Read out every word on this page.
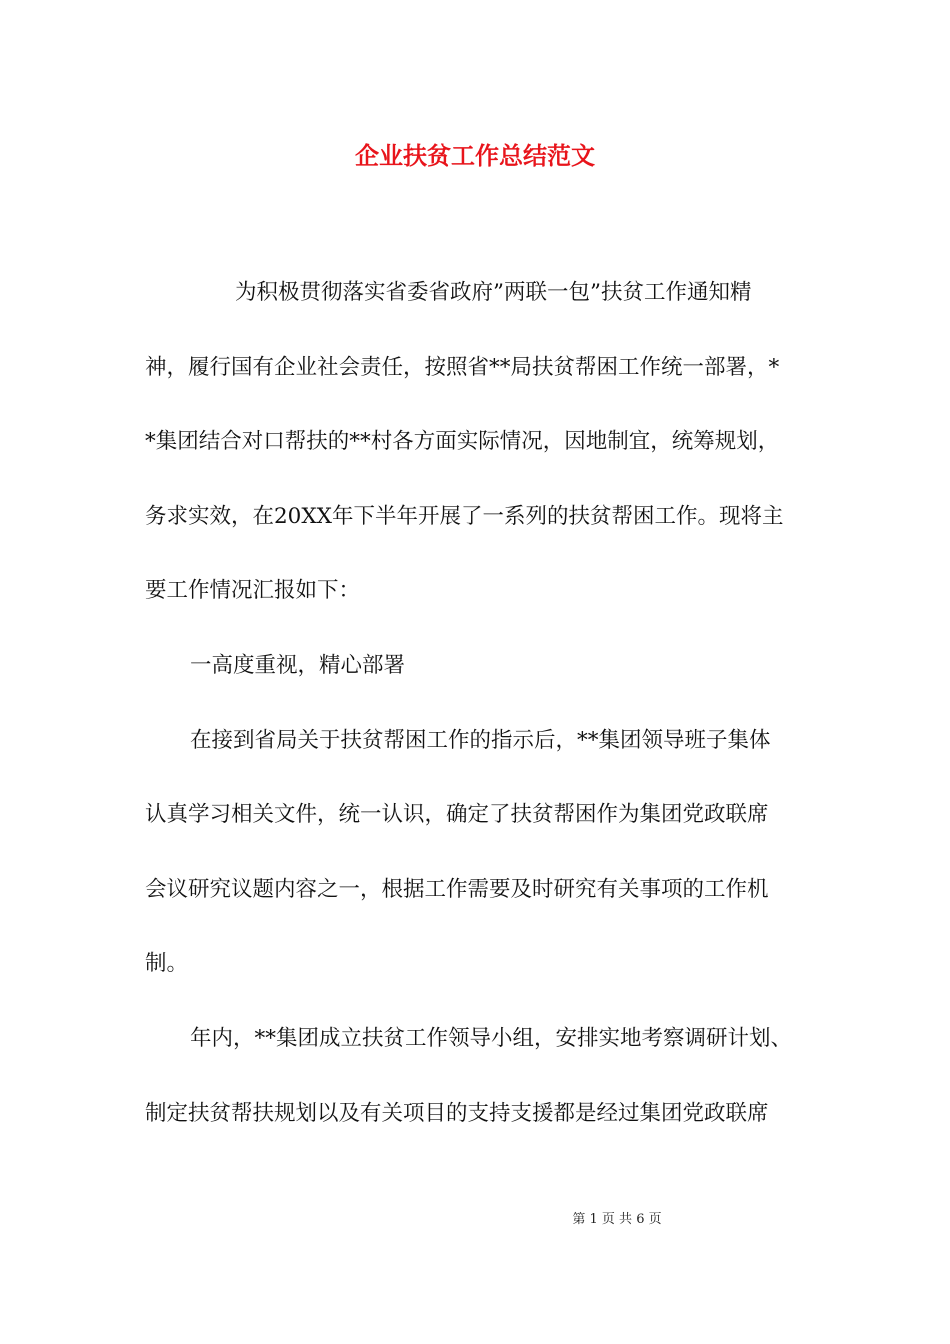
企业扶贫工作总结范文
为积极贯彻落实省委省政府”两联一包”扶贫工作通知精
神，履行国有企业社会责任，按照省**局扶贫帮困工作统一部署，*
*集团结合对口帮扶的**村各方面实际情况，因地制宜，统筹规划，
务求实效，在20XX年下半年开展了一系列的扶贫帮困工作。现将主
要工作情况汇报如下：
一高度重视，精心部署
在接到省局关于扶贫帮困工作的指示后，**集团领导班子集体
认真学习相关文件，统一认识，确定了扶贫帮困作为集团党政联席
会议研究议题内容之一，根据工作需要及时研究有关事项的工作机
制。
年内，**集团成立扶贫工作领导小组，安排实地考察调研计划、
制定扶贫帮扶规划以及有关项目的支持支援都是经过集团党政联席
第 1 页 共 6 页
